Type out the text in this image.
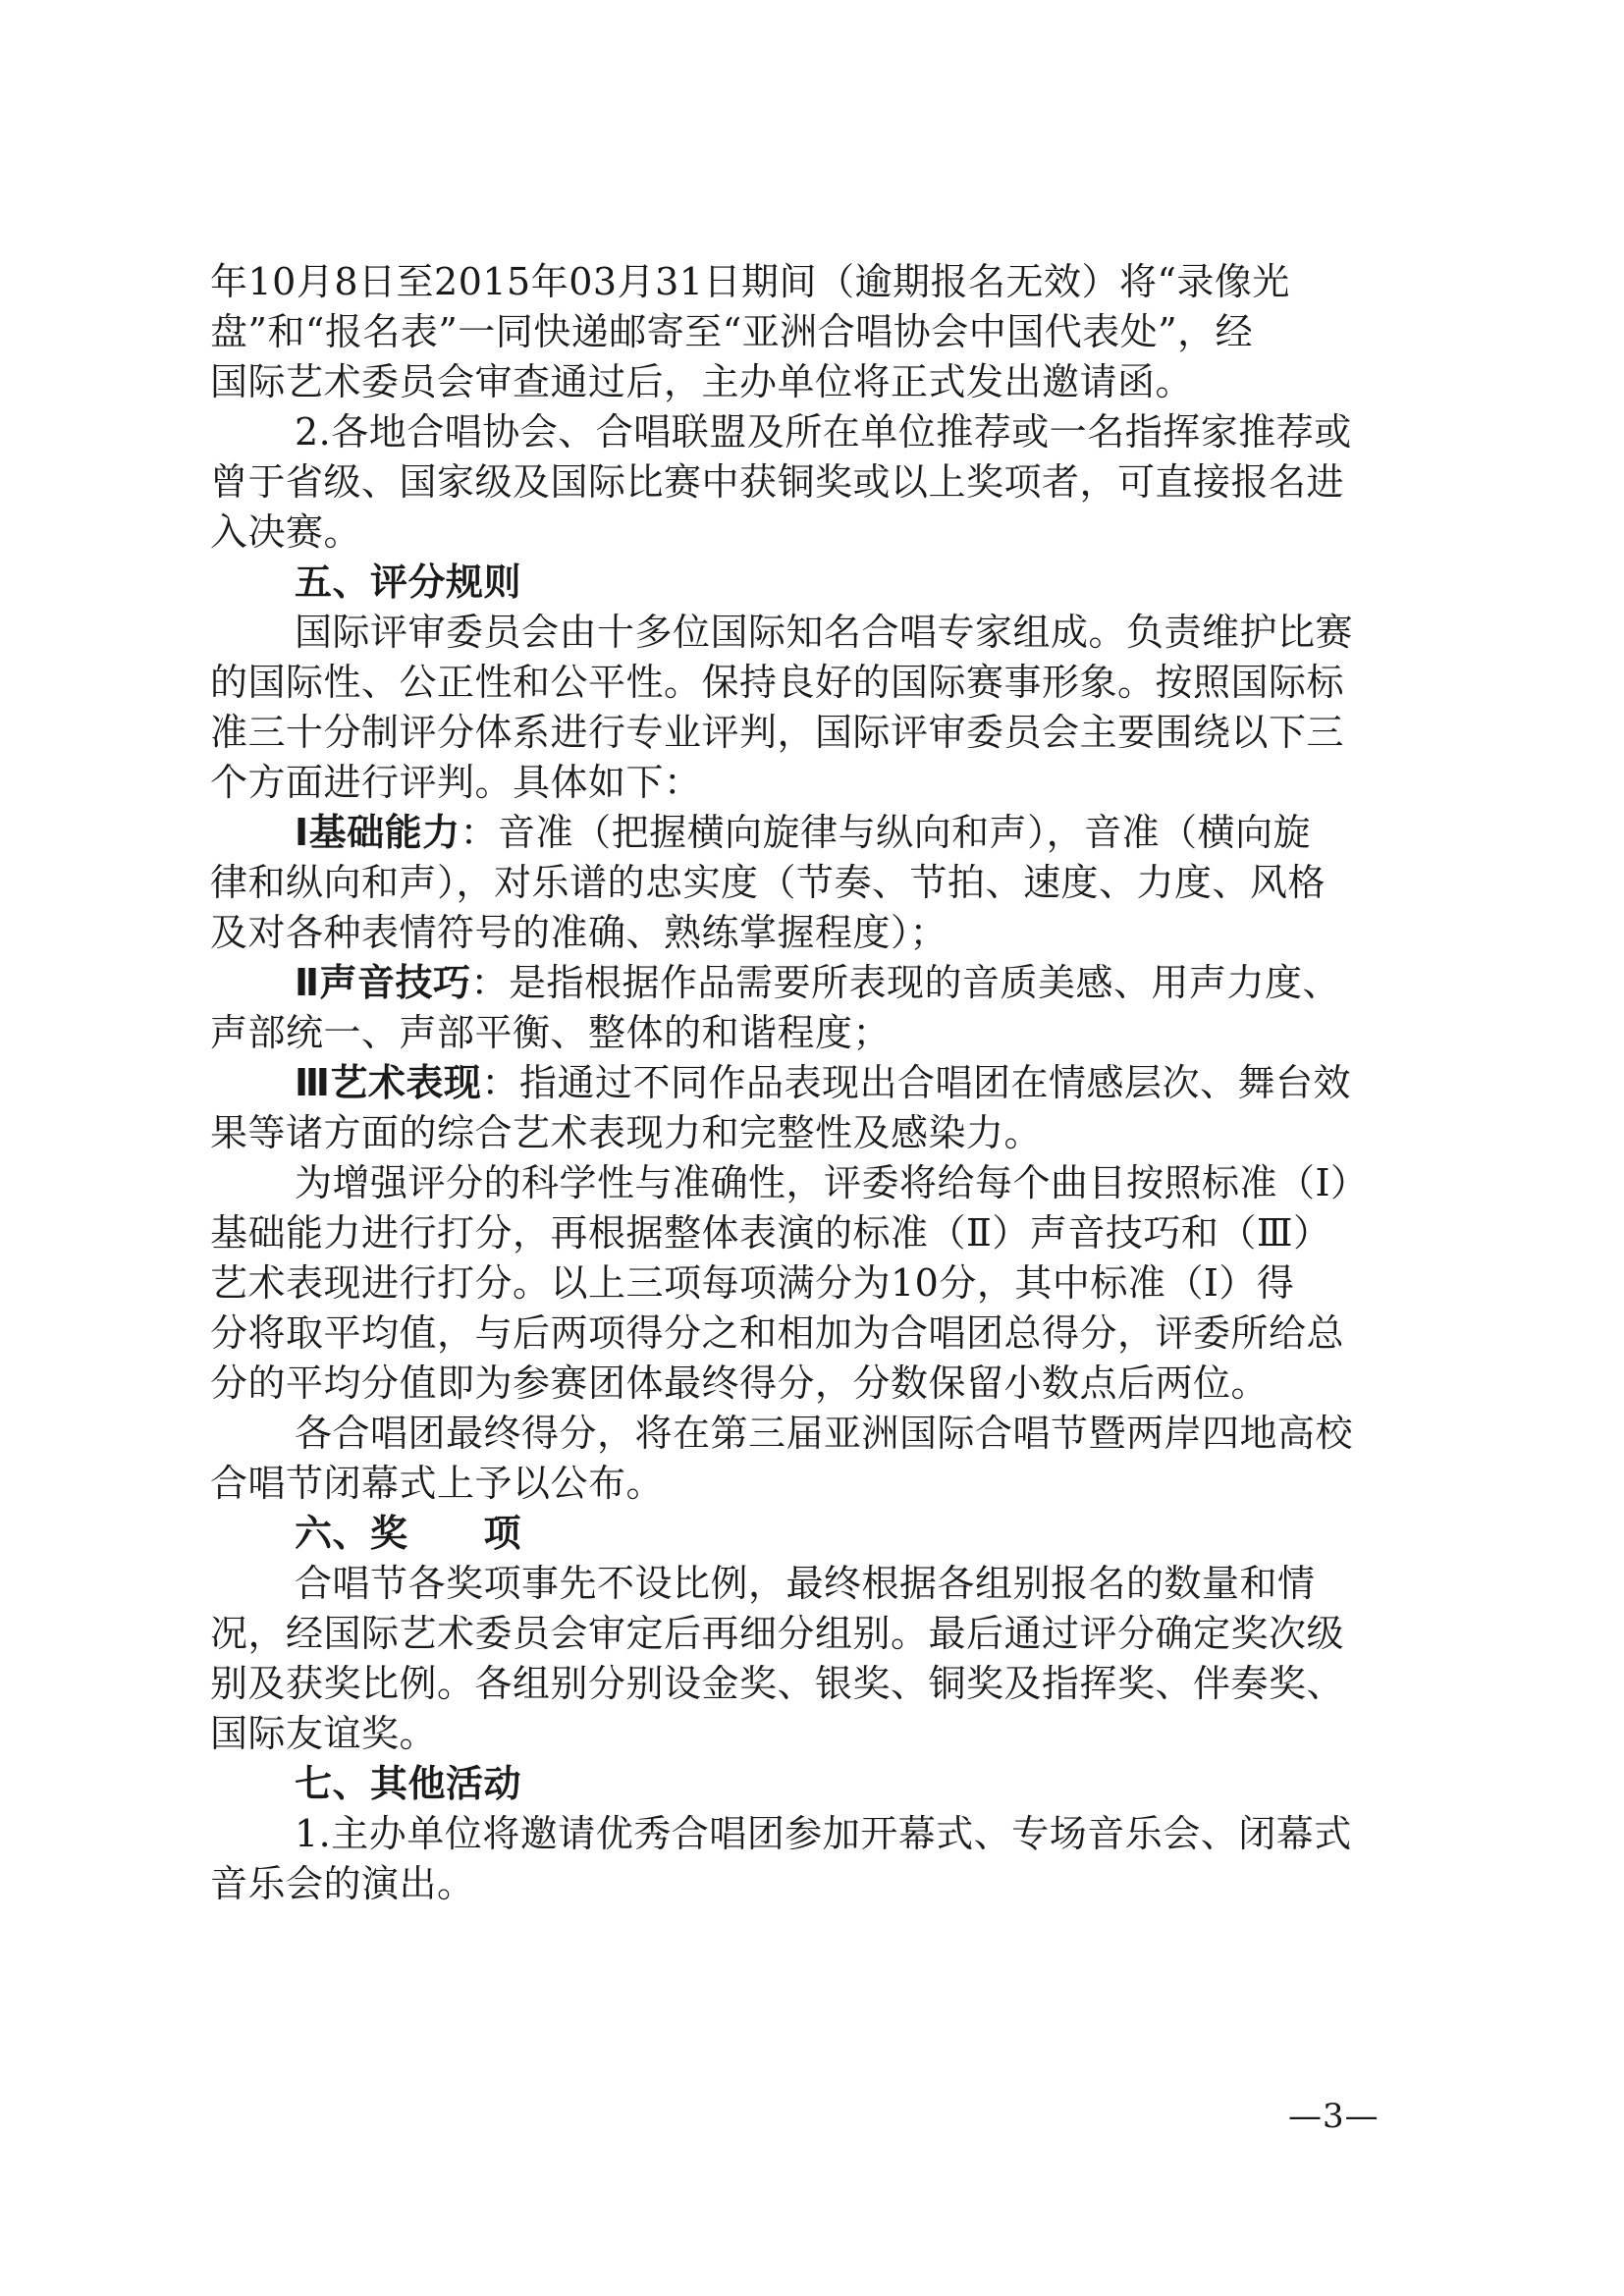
年10月8日至2015年03月31日期间（逾期报名无效）将“录像光
盘”和“报名表”一同快递邮寄至“亚洲合唱协会中国代表处”，经
国际艺术委员会审查通过后，主办单位将正式发出邀请函。
2.各地合唱协会、合唱联盟及所在单位推荐或一名指挥家推荐或
曾于省级、国家级及国际比赛中获铜奖或以上奖项者，可直接报名进
入决赛。
五、评分规则
国际评审委员会由十多位国际知名合唱专家组成。负责维护比赛
的国际性、公正性和公平性。保持良好的国际赛事形象。按照国际标
准三十分制评分体系进行专业评判，国际评审委员会主要围绕以下三
个方面进行评判。具体如下：
Ⅰ基础能力：音准（把握横向旋律与纵向和声），音准（横向旋
律和纵向和声），对乐谱的忠实度（节奏、节拍、速度、力度、风格
及对各种表情符号的准确、熟练掌握程度）；
Ⅱ声音技巧：是指根据作品需要所表现的音质美感、用声力度、
声部统一、声部平衡、整体的和谐程度；
Ⅲ艺术表现：指通过不同作品表现出合唱团在情感层次、舞台效
果等诸方面的综合艺术表现力和完整性及感染力。
为增强评分的科学性与准确性，评委将给每个曲目按照标准（Ⅰ）
基础能力进行打分，再根据整体表演的标准（Ⅱ）声音技巧和（Ⅲ）
艺术表现进行打分。以上三项每项满分为10分，其中标准（Ⅰ）得
分将取平均值，与后两项得分之和相加为合唱团总得分，评委所给总
分的平均分值即为参赛团体最终得分，分数保留小数点后两位。
各合唱团最终得分，将在第三届亚洲国际合唱节暨两岸四地高校
合唱节闭幕式上予以公布。
六、奖　　项
合唱节各奖项事先不设比例，最终根据各组别报名的数量和情
况，经国际艺术委员会审定后再细分组别。最后通过评分确定奖次级
别及获奖比例。各组别分别设金奖、银奖、铜奖及指挥奖、伴奏奖、
国际友谊奖。
七、其他活动
1.主办单位将邀请优秀合唱团参加开幕式、专场音乐会、闭幕式
音乐会的演出。
—3—
